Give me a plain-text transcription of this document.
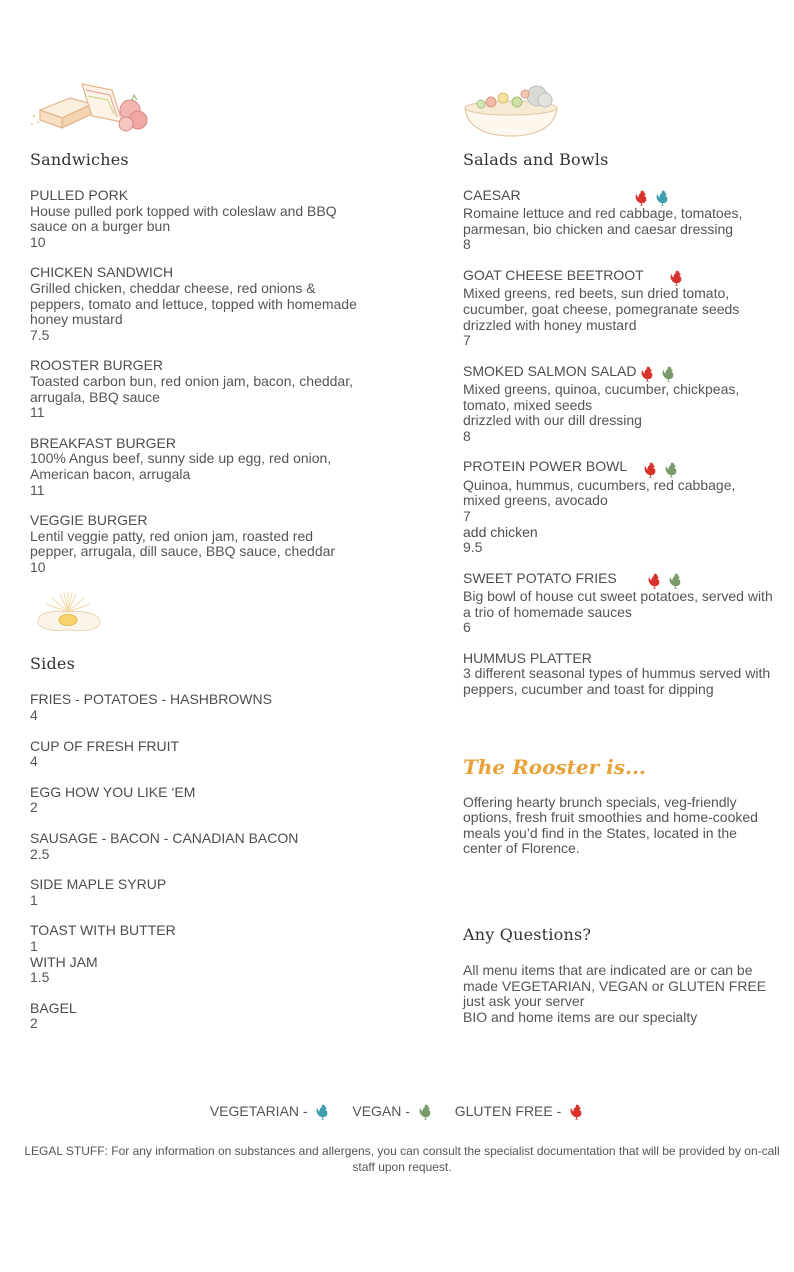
Sandwiches
PULLED PORK
House pulled pork topped with coleslaw and BBQ sauce on a burger bun
10
CHICKEN SANDWICH
Grilled chicken, cheddar cheese, red onions & peppers, tomato and lettuce, topped with homemade honey mustard
7.5
ROOSTER BURGER
Toasted carbon bun, red onion jam, bacon, cheddar, arrugala, BBQ sauce
11
BREAKFAST BURGER
100% Angus beef, sunny side up egg, red onion, American bacon, arrugala
11
VEGGIE BURGER
Lentil veggie patty, red onion jam, roasted red pepper, arrugala, dill sauce, BBQ sauce, cheddar
10
Sides
FRIES - POTATOES - HASHBROWNS
4
CUP OF FRESH FRUIT
4
EGG HOW YOU LIKE ‘EM
2
SAUSAGE - BACON - CANADIAN BACON
2.5
SIDE MAPLE SYRUP
1
TOAST WITH BUTTER
1
WITH JAM
1.5
BAGEL
2
Salads and Bowls
CAESAR
Romaine lettuce and red cabbage, tomatoes, parmesan, bio chicken and caesar dressing
8
GOAT CHEESE BEETROOT
Mixed greens, red beets, sun dried tomato, cucumber, goat cheese, pomegranate seeds
drizzled with honey mustard
7
SMOKED SALMON SALAD
Mixed greens, quinoa, cucumber, chickpeas, tomato, mixed seeds
drizzled with our dill dressing
8
PROTEIN POWER BOWL
Quinoa, hummus, cucumbers, red cabbage, mixed greens, avocado
7
add chicken
9.5
SWEET POTATO FRIES
Big bowl of house cut sweet potatoes, served with a trio of homemade sauces
6
HUMMUS PLATTER
3 different seasonal types of hummus served with peppers, cucumber and toast for dipping
The Rooster is...
Offering hearty brunch specials, veg-friendly options, fresh fruit smoothies and home-cooked meals you’d find in the States, located in the center of Florence.
Any Questions?
All menu items that are indicated are or can be made VEGETARIAN, VEGAN or GLUTEN FREE just ask your server
BIO and home items are our specialty
VEGETARIAN -	VEGAN -	GLUTEN FREE -
LEGAL STUFF: For any information on substances and allergens, you can consult the specialist documentation that will be provided by on-call staff upon request.
